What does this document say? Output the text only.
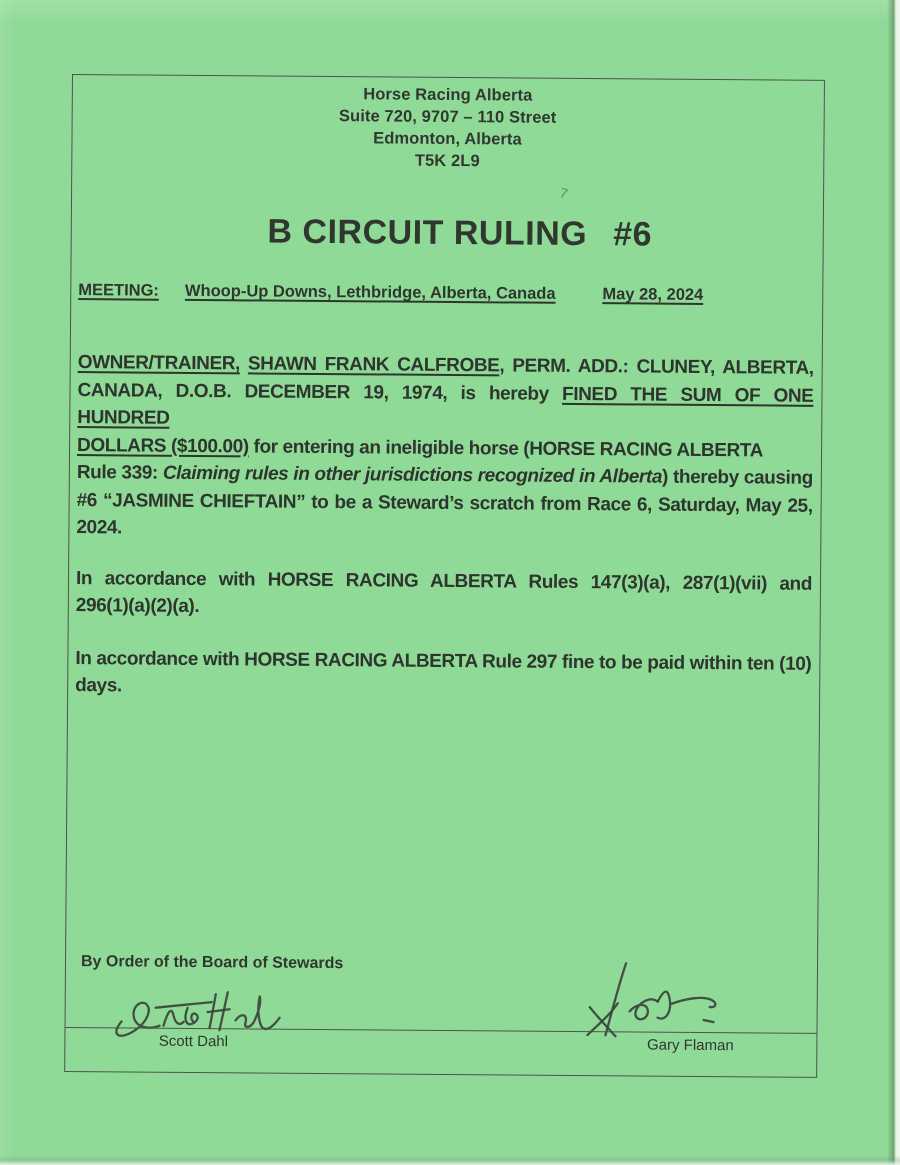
Horse Racing Alberta
Suite 720, 9707 – 110 Street
Edmonton, Alberta
T5K 2L9
B CIRCUIT RULING #6
7
MEETING: Whoop-Up Downs, Lethbridge, Alberta, Canada	May 28, 2024
OWNER/TRAINER, SHAWN FRANK CALFROBE, PERM. ADD.: CLUNEY, ALBERTA,
CANADA, D.O.B. DECEMBER 19, 1974, is hereby FINED THE SUM OF ONE HUNDRED
DOLLARS ($100.00) for entering an ineligible horse (HORSE RACING ALBERTA
Rule 339: Claiming rules in other jurisdictions recognized in Alberta) thereby causing
#6 “JASMINE CHIEFTAIN” to be a Steward’s scratch from Race 6, Saturday, May 25,
2024.
In accordance with HORSE RACING ALBERTA Rules 147(3)(a), 287(1)(vii) and
296(1)(a)(2)(a).
In accordance with HORSE RACING ALBERTA Rule 297 fine to be paid within ten (10)
days.
By Order of the Board of Stewards
Scott Dahl	Gary Flaman
